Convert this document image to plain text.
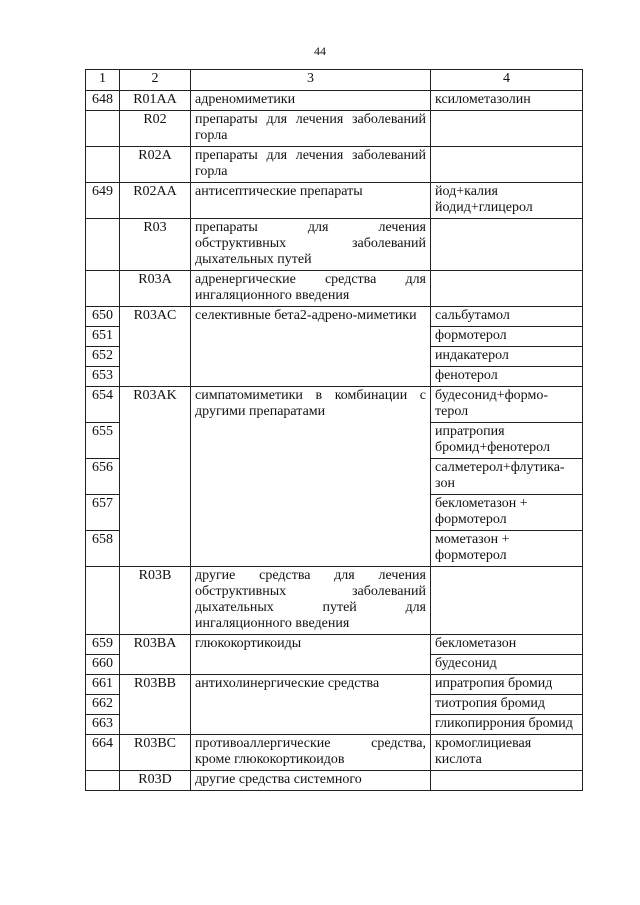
44
1	2	3	4
648	R01AA	адреномиметики	ксилометазолин
	R02	препараты для лечения заболеваний горла	
	R02A	препараты для лечения заболеваний горла	
649	R02AA	антисептические препараты	йод+калия йодид+глицерол
	R03	препараты для лечения обструктивных заболеваний дыхательных путей	
	R03A	адренергические средства для ингаляционного введения	
650	R03AC	селективные бета2-адрено-миметики	сальбутамол
651			формотерол
652			индакатерол
653			фенотерол
654	R03AK	симпатомиметики в комбинации с другими препаратами	будесонид+формо-терол
655			ипратропия бромид+фенотерол
656			салметерол+флутика-зон
657			беклометазон + формотерол
658			мометазон + формотерол
	R03B	другие средства для лечения обструктивных заболеваний дыхательных путей для ингаляционного введения	
659	R03BA	глюкокортикоиды	беклометазон
660			будесонид
661	R03BB	антихолинергические средства	ипратропия бромид
662			тиотропия бромид
663			гликопиррония бромид
664	R03BC	противоаллергические средства, кроме глюкокортикоидов	кромоглициевая кислота
	R03D	другие средства системного	
